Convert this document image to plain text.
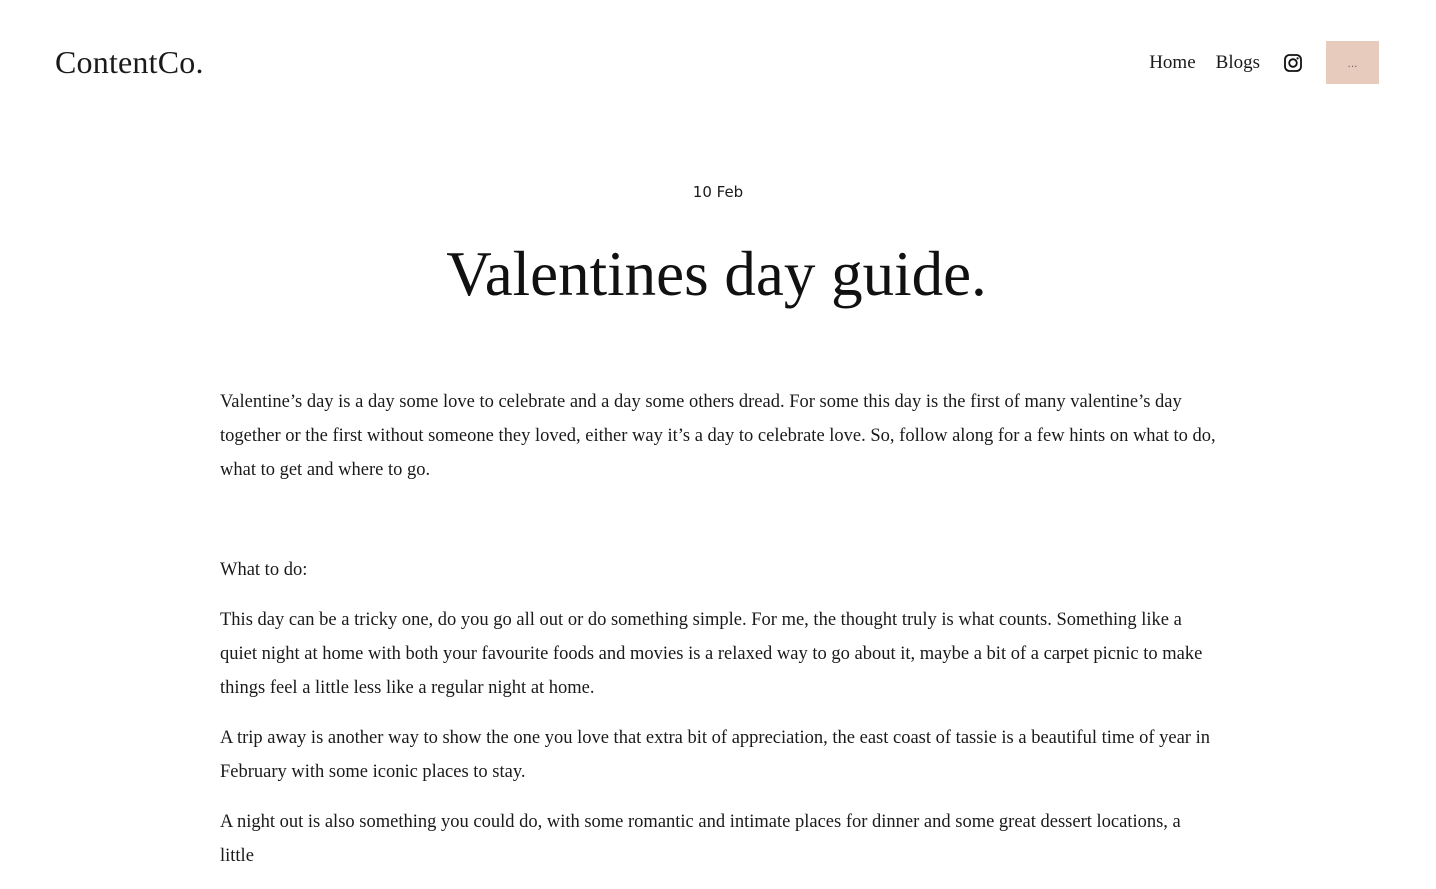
ContentCo.	Home Blogs	...
10 Feb
Valentines day guide.

Valentine’s day is a day some love to celebrate and a day some others dread. For some this day is the first of many valentine’s day together or the first without someone they loved, either way it’s a day to celebrate love. So, follow along for a few hints on what to do, what to get and where to go.

What to do:

This day can be a tricky one, do you go all out or do something simple. For me, the thought truly is what counts. Something like a quiet night at home with both your favourite foods and movies is a relaxed way to go about it, maybe a bit of a carpet picnic to make things feel a little less like a regular night at home.

A trip away is another way to show the one you love that extra bit of appreciation, the east coast of tassie is a beautiful time of year in February with some iconic places to stay.

A night out is also something you could do, with some romantic and intimate places for dinner and some great dessert locations, a little
